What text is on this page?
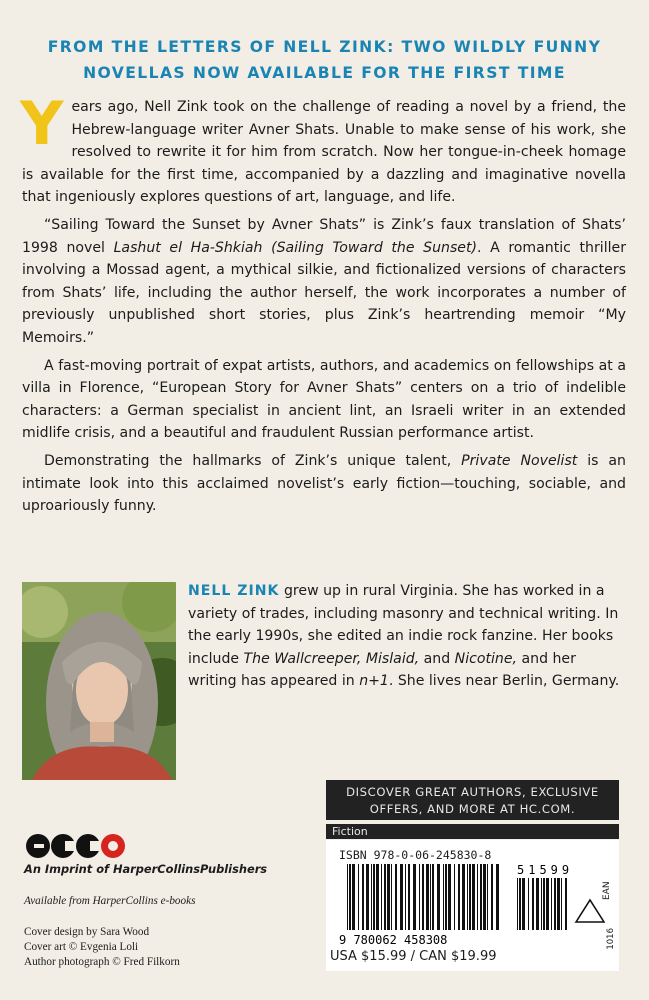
FROM THE LETTERS OF NELL ZINK: TWO WILDLY FUNNY
NOVELLAS NOW AVAILABLE FOR THE FIRST TIME

Years ago, Nell Zink took on the challenge of reading a novel by a friend, the Hebrew-language writer Avner Shats. Unable to make sense of his work, she resolved to rewrite it for him from scratch. Now her tongue-in-cheek homage is available for the first time, accompanied by a dazzling and imaginative novella that ingeniously explores questions of art, language, and life.

“Sailing Toward the Sunset by Avner Shats” is Zink’s faux translation of Shats’ 1998 novel Lashut el Ha-Shkiah (Sailing Toward the Sunset). A romantic thriller involving a Mossad agent, a mythical silkie, and fictionalized versions of characters from Shats’ life, including the author herself, the work incorporates a number of previously unpublished short stories, plus Zink’s heartrending memoir “My Memoirs.”

A fast-moving portrait of expat artists, authors, and academics on fellowships at a villa in Florence, “European Story for Avner Shats” centers on a trio of indelible characters: a German specialist in ancient lint, an Israeli writer in an extended midlife crisis, and a beautiful and fraudulent Russian performance artist.

Demonstrating the hallmarks of Zink’s unique talent, Private Novelist is an intimate look into this acclaimed novelist’s early fiction—touching, sociable, and uproariously funny.

NELL ZINK grew up in rural Virginia. She has worked in a variety of trades, including masonry and technical writing. In the early 1990s, she edited an indie rock fanzine. Her books include The Wallcreeper, Mislaid, and Nicotine, and her writing has appeared in n+1. She lives near Berlin, Germany.
An Imprint of HarperCollinsPublishers
Available from HarperCollins e-books
Cover design by Sara Wood
Cover art © Evgenia Loli
Author photograph © Fred Filkorn
DISCOVER GREAT AUTHORS, EXCLUSIVE
OFFERS, AND MORE AT HC.COM.
Fiction
ISBN 978-0-06-245830-8
9 780062 458308
51599
EAN
USA $15.99 / CAN $19.99
1016
